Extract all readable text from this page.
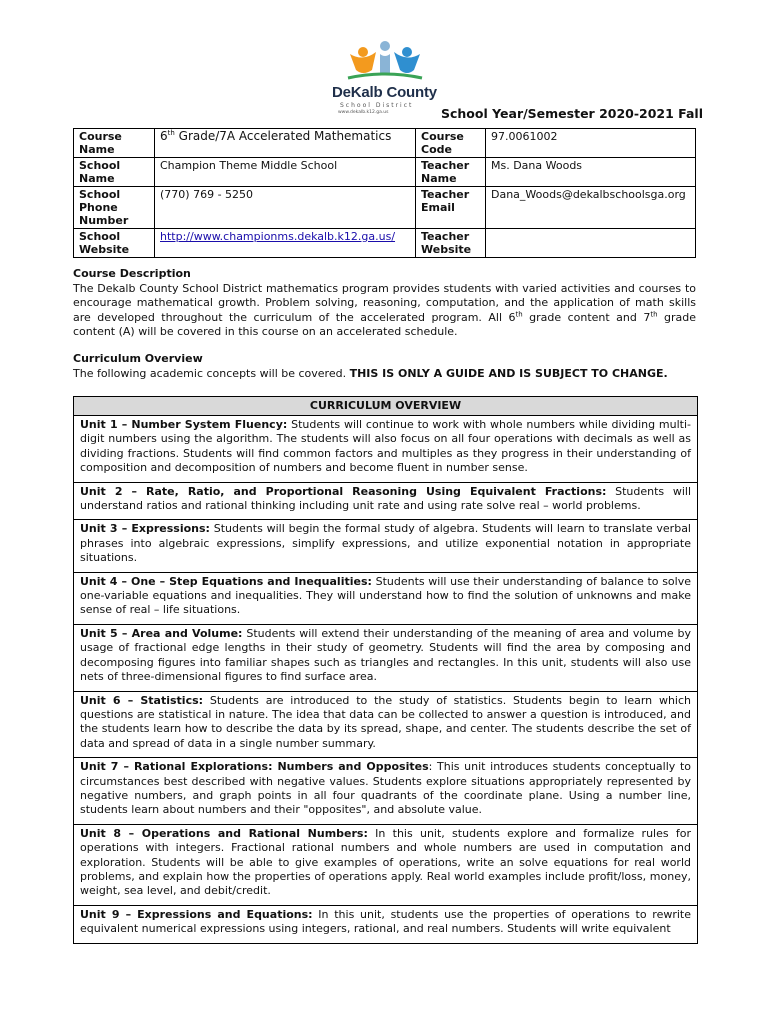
DeKalb County
School District
www.dekalb.k12.ga.us	School Year/Semester 2020-2021 Fall
Course Name	6th Grade/7A Accelerated Mathematics	Course Code	97.0061002
School Name	Champion Theme Middle School	Teacher Name	Ms. Dana Woods
School Phone Number	(770) 769 - 5250	Teacher Email	Dana_Woods@dekalbschoolsga.org
School Website	http://www.championms.dekalb.k12.ga.us/	Teacher Website	
Course Description
The Dekalb County School District mathematics program provides students with varied activities and courses to encourage mathematical growth. Problem solving, reasoning, computation, and the application of math skills are developed throughout the curriculum of the accelerated program. All 6th grade content and 7th grade content (A) will be covered in this course on an accelerated schedule.
Curriculum Overview
The following academic concepts will be covered. THIS IS ONLY A GUIDE AND IS SUBJECT TO CHANGE.
CURRICULUM OVERVIEW
Unit 1 – Number System Fluency: Students will continue to work with whole numbers while dividing multi-digit numbers using the algorithm. The students will also focus on all four operations with decimals as well as dividing fractions. Students will find common factors and multiples as they progress in their understanding of composition and decomposition of numbers and become fluent in number sense.
Unit 2 – Rate, Ratio, and Proportional Reasoning Using Equivalent Fractions: Students will understand ratios and rational thinking including unit rate and using rate solve real – world problems.
Unit 3 – Expressions: Students will begin the formal study of algebra. Students will learn to translate verbal phrases into algebraic expressions, simplify expressions, and utilize exponential notation in appropriate situations.
Unit 4 – One – Step Equations and Inequalities: Students will use their understanding of balance to solve one-variable equations and inequalities. They will understand how to find the solution of unknowns and make sense of real – life situations.
Unit 5 – Area and Volume: Students will extend their understanding of the meaning of area and volume by usage of fractional edge lengths in their study of geometry. Students will find the area by composing and decomposing figures into familiar shapes such as triangles and rectangles. In this unit, students will also use nets of three-dimensional figures to find surface area.
Unit 6 – Statistics: Students are introduced to the study of statistics. Students begin to learn which questions are statistical in nature. The idea that data can be collected to answer a question is introduced, and the students learn how to describe the data by its spread, shape, and center. The students describe the set of data and spread of data in a single number summary.
Unit 7 – Rational Explorations: Numbers and Opposites: This unit introduces students conceptually to circumstances best described with negative values. Students explore situations appropriately represented by negative numbers, and graph points in all four quadrants of the coordinate plane. Using a number line, students learn about numbers and their "opposites", and absolute value.
Unit 8 – Operations and Rational Numbers: In this unit, students explore and formalize rules for operations with integers. Fractional rational numbers and whole numbers are used in computation and exploration. Students will be able to give examples of operations, write an solve equations for real world problems, and explain how the properties of operations apply. Real world examples include profit/loss, money, weight, sea level, and debit/credit.
Unit 9 – Expressions and Equations: In this unit, students use the properties of operations to rewrite equivalent numerical expressions using integers, rational, and real numbers. Students will write equivalent
